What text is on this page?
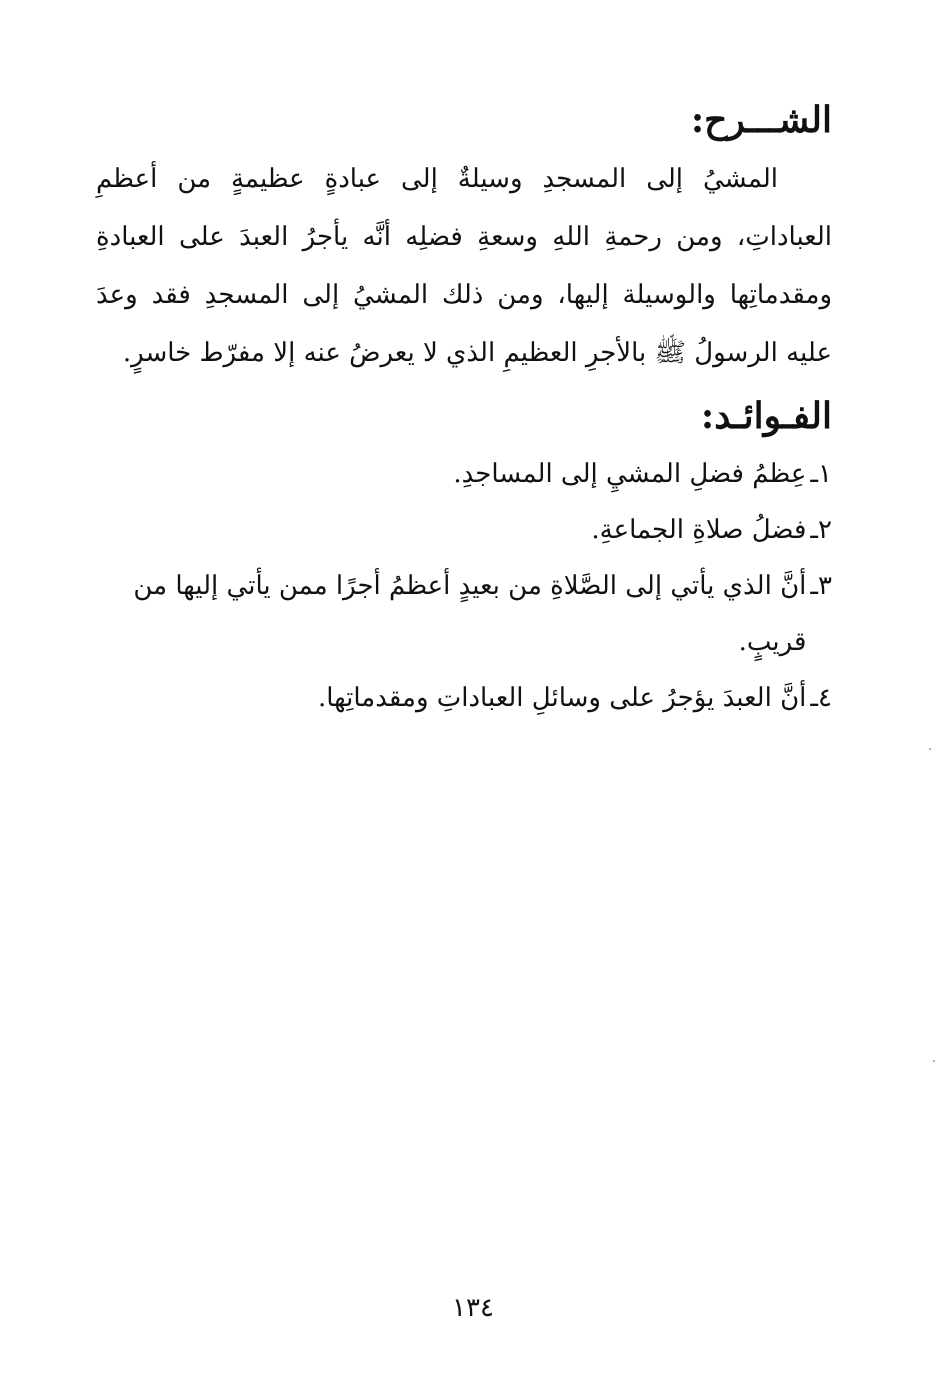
الشـــرح:

المشيُ إلى المسجدِ وسيلةٌ إلى عبادةٍ عظيمةٍ من أعظمِ العباداتِ، ومن رحمةِ اللهِ وسعةِ فضلِه أنَّه يأجرُ العبدَ على العبادةِ ومقدماتِها والوسيلة إليها، ومن ذلك المشيُ إلى المسجدِ فقد وعدَ عليه الرسولُ ﷺ بالأجرِ العظيمِ الذي لا يعرضُ عنه إلا مفرّط خاسرٍ.

الفـوائـد:
١ـ
عِظمُ فضلِ المشيِ إلى المساجدِ.
٢ـ
فضلُ صلاةِ الجماعةِ.
٣ـ
أنَّ الذي يأتي إلى الصَّلاةِ من بعيدٍ أعظمُ أجرًا ممن يأتي إليها من قريبٍ.
٤ـ
أنَّ العبدَ يؤجرُ على وسائلِ العباداتِ ومقدماتِها.
١٣٤
